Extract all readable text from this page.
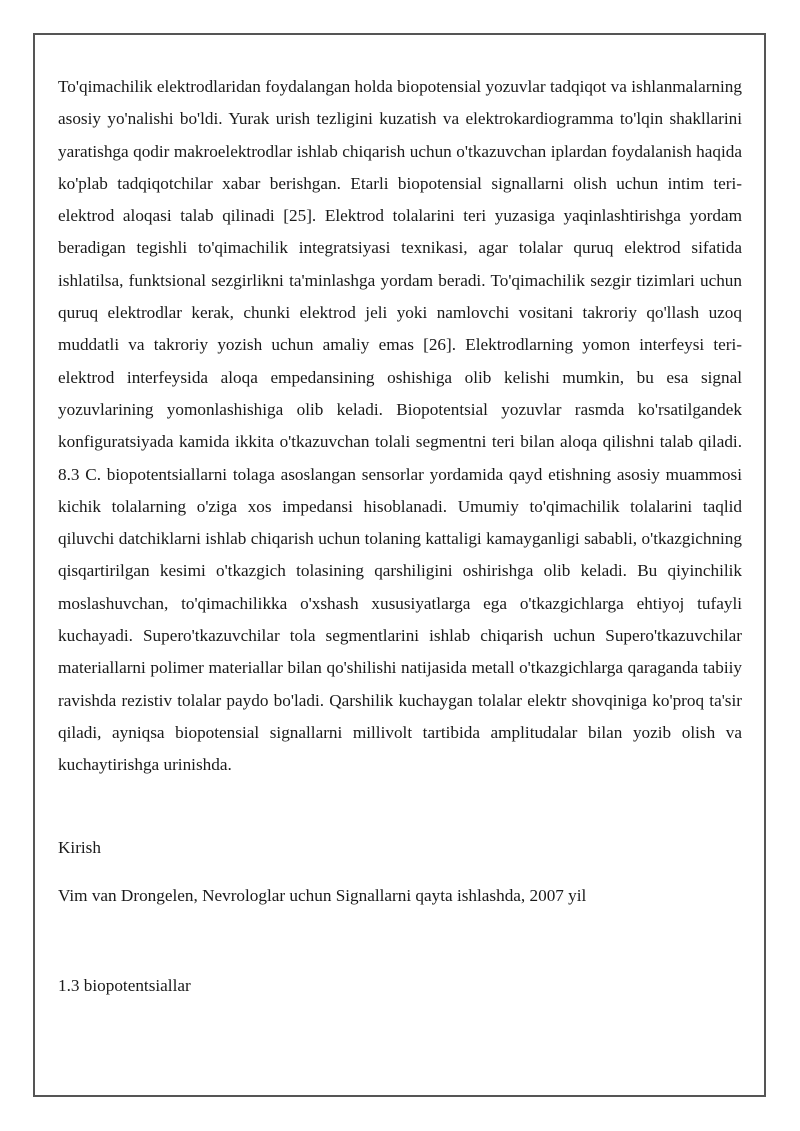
To'qimachilik elektrodlaridan foydalangan holda biopotensial yozuvlar tadqiqot va ishlanmalarning asosiy yo'nalishi bo'ldi. Yurak urish tezligini kuzatish va elektrokardiogramma to'lqin shakllarini yaratishga qodir makroelektrodlar ishlab chiqarish uchun o'tkazuvchan iplardan foydalanish haqida ko'plab tadqiqotchilar xabar berishgan. Etarli biopotensial signallarni olish uchun intim teri-elektrod aloqasi talab qilinadi [25]. Elektrod tolalarini teri yuzasiga yaqinlashtirishga yordam beradigan tegishli to'qimachilik integratsiyasi texnikasi, agar tolalar quruq elektrod sifatida ishlatilsa, funktsional sezgirlikni ta'minlashga yordam beradi. To'qimachilik sezgir tizimlari uchun quruq elektrodlar kerak, chunki elektrod jeli yoki namlovchi vositani takroriy qo'llash uzoq muddatli va takroriy yozish uchun amaliy emas [26]. Elektrodlarning yomon interfeysi teri-elektrod interfeysida aloqa empedansining oshishiga olib kelishi mumkin, bu esa signal yozuvlarining yomonlashishiga olib keladi. Biopotentsial yozuvlar rasmda ko'rsatilgandek konfiguratsiyada kamida ikkita o'tkazuvchan tolali segmentni teri bilan aloqa qilishni talab qiladi. 8.3 C. biopotentsiallarni tolaga asoslangan sensorlar yordamida qayd etishning asosiy muammosi kichik tolalarning o'ziga xos impedansi hisoblanadi. Umumiy to'qimachilik tolalarini taqlid qiluvchi datchiklarni ishlab chiqarish uchun tolaning kattaligi kamayganligi sababli, o'tkazgichning qisqartirilgan kesimi o'tkazgich tolasining qarshiligini oshirishga olib keladi. Bu qiyinchilik moslashuvchan, to'qimachilikka o'xshash xususiyatlarga ega o'tkazgichlarga ehtiyoj tufayli kuchayadi. Supero'tkazuvchilar tola segmentlarini ishlab chiqarish uchun Supero'tkazuvchilar materiallarni polimer materiallar bilan qo'shilishi natijasida metall o'tkazgichlarga qaraganda tabiiy ravishda rezistiv tolalar paydo bo'ladi. Qarshilik kuchaygan tolalar elektr shovqiniga ko'proq ta'sir qiladi, ayniqsa biopotensial signallarni millivolt tartibida amplitudalar bilan yozib olish va kuchaytirishga urinishda.

Kirish

Vim van Drongelen, Nevrologlar uchun Signallarni qayta ishlashda, 2007 yil

1.3 biopotentsiallar
